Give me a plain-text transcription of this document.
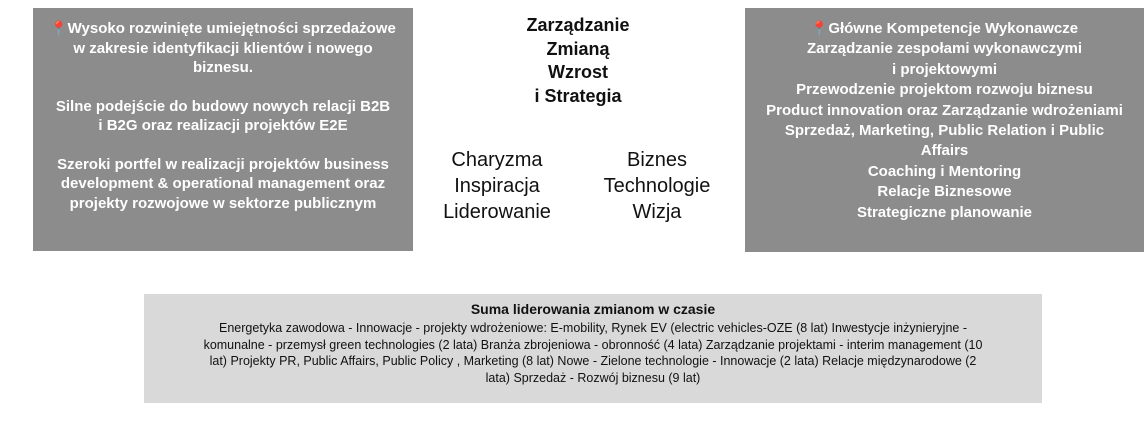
📍Wysoko rozwinięte umiejętności sprzedażowe
w zakresie identyfikacji klientów i nowego
biznesu.
Silne podejście do budowy nowych relacji B2B
i B2G oraz realizacji projektów E2E
Szeroki portfel w realizacji projektów business
development & operational management oraz
projekty rozwojowe w sektorze publicznym
Zarządzanie
Zmianą
Wzrost
i Strategia
Charyzma
Inspiracja
Liderowanie
Biznes
Technologie
Wizja
📍Główne Kompetencje Wykonawcze
Zarządzanie zespołami wykonawczymi
i projektowymi
Przewodzenie projektom rozwoju biznesu
Product innovation oraz Zarządzanie wdrożeniami
Sprzedaż, Marketing, Public Relation i Public
Affairs
Coaching i Mentoring
Relacje Biznesowe
Strategiczne planowanie
Suma liderowania zmianom w czasie
Energetyka zawodowa - Innowacje - projekty wdrożeniowe: E-mobility, Rynek EV (electric vehicles-OZE (8 lat) Inwestycje inżynieryjne -
komunalne - przemysł green technologies (2 lata) Branża zbrojeniowa - obronność (4 lata) Zarządzanie projektami - interim management (10
lat) Projekty PR, Public Affairs, Public Policy , Marketing (8 lat) Nowe - Zielone technologie - Innowacje (2 lata) Relacje międzynarodowe (2
lata) Sprzedaż - Rozwój biznesu (9 lat)
